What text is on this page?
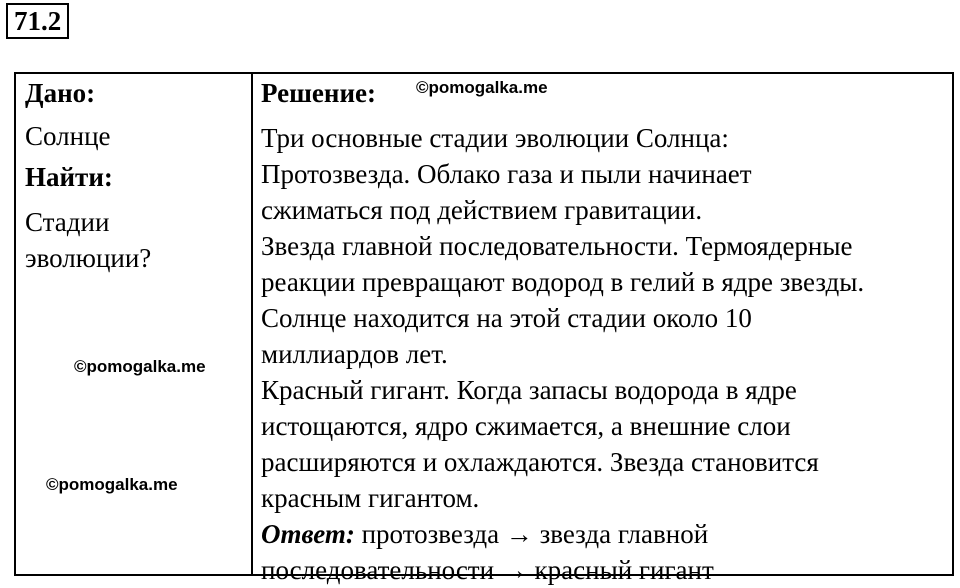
71.2
Дано:
Солнце
Найти:
Стадии
эволюции?
Решение:
Три основные стадии эволюции Солнца:
Протозвезда. Облако газа и пыли начинает
сжиматься под действием гравитации.
Звезда главной последовательности. Термоядерные
реакции превращают водород в гелий в ядре звезды.
Солнце находится на этой стадии около 10
миллиардов лет.
Красный гигант. Когда запасы водорода в ядре
истощаются, ядро сжимается, а внешние слои
расширяются и охлаждаются. Звезда становится
красным гигантом.
Ответ: протозвезда → звезда главной
последовательности → красный гигант
©pomogalka.me
©pomogalka.me
©pomogalka.me
